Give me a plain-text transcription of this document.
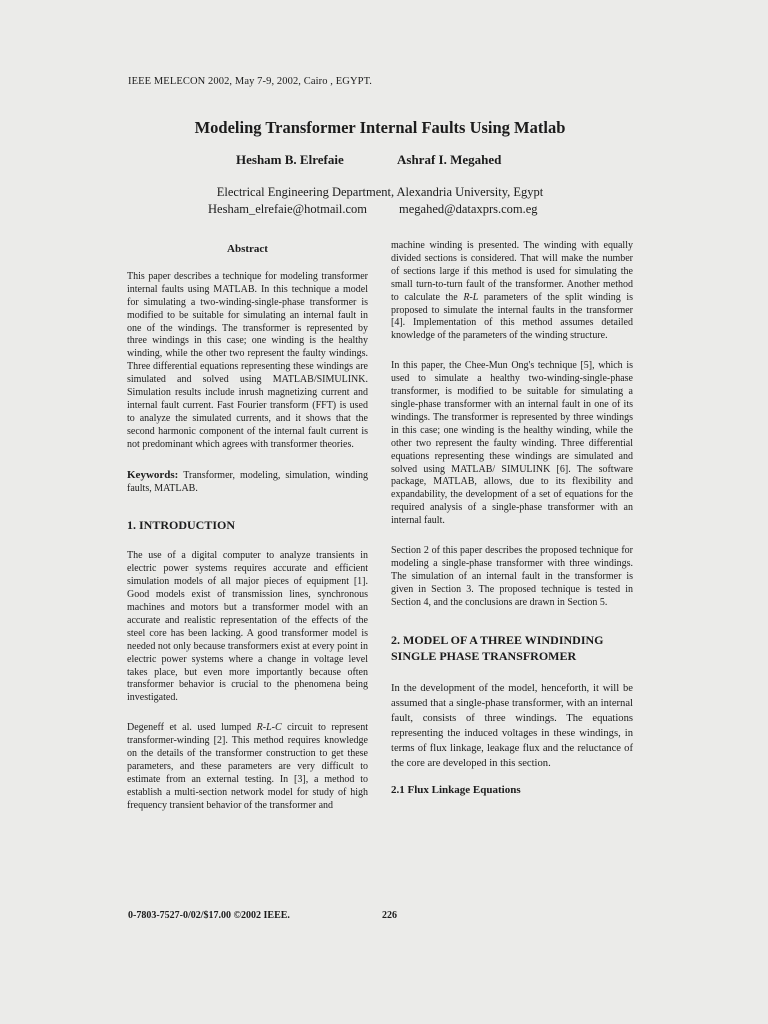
IEEE MELECON 2002, May 7-9, 2002, Cairo , EGYPT.
Modeling Transformer Internal Faults Using Matlab
Hesham B. Elrefaie	Ashraf I. Megahed
Electrical Engineering Department, Alexandria University, Egypt
Hesham_elrefaie@hotmail.com	megahed@dataxprs.com.eg

Abstract

This paper describes a technique for modeling transformer internal faults using MATLAB. In this technique a model for simulating a two-winding-single-phase transformer is modified to be suitable for simulating an internal fault in one of the windings. The transformer is represented by three windings in this case; one winding is the healthy winding, while the other two represent the faulty windings. Three differential equations representing these windings are simulated and solved using MATLAB/SIMULINK. Simulation results include inrush magnetizing current and internal fault current. Fast Fourier transform (FFT) is used to analyze the simulated currents, and it shows that the second harmonic component of the internal fault current is not predominant which agrees with transformer theories.

Keywords: Transformer, modeling, simulation, winding faults, MATLAB.

1. INTRODUCTION

The use of a digital computer to analyze transients in electric power systems requires accurate and efficient simulation models of all major pieces of equipment [1]. Good models exist of transmission lines, synchronous machines and motors but a transformer model with an accurate and realistic representation of the effects of the steel core has been lacking. A good transformer model is needed not only because transformers exist at every point in electric power systems where a change in voltage level takes place, but even more importantly because often transformer behavior is crucial to the phenomena being investigated.

Degeneff et al. used lumped R-L-C circuit to represent transformer-winding [2]. This method requires knowledge on the details of the transformer construction to get these parameters, and these parameters are very difficult to estimate from an external testing. In [3], a method to establish a multi-section network model for study of high frequency transient behavior of the transformer and

machine winding is presented. The winding with equally divided sections is considered. That will make the number of sections large if this method is used for simulating the small turn-to-turn fault of the transformer. Another method to calculate the R-L parameters of the split winding is proposed to simulate the internal faults in the transformer [4]. Implementation of this method assumes detailed knowledge of the parameters of the winding structure.

In this paper, the Chee-Mun Ong's technique [5], which is used to simulate a healthy two-winding-single-phase transformer, is modified to be suitable for simulating a single-phase transformer with an internal fault in one of its windings. The transformer is represented by three windings in this case; one winding is the healthy winding, while the other two represent the faulty winding. Three differential equations representing these windings are simulated and solved using MATLAB/ SIMULINK [6]. The software package, MATLAB, allows, due to its flexibility and expandability, the development of a set of equations for the required analysis of a single-phase transformer with an internal fault.

Section 2 of this paper describes the proposed technique for modeling a single-phase transformer with three windings. The simulation of an internal fault in the transformer is given in Section 3. The proposed technique is tested in Section 4, and the conclusions are drawn in Section 5.

2. MODEL OF A THREE WINDINDING SINGLE PHASE TRANSFROMER

In the development of the model, henceforth, it will be assumed that a single-phase transformer, with an internal fault, consists of three windings. The equations representing the induced voltages in these windings, in terms of flux linkage, leakage flux and the reluctance of the core are developed in this section.

2.1 Flux Linkage Equations

0-7803-7527-0/02/$17.00 ©2002 IEEE.	226
